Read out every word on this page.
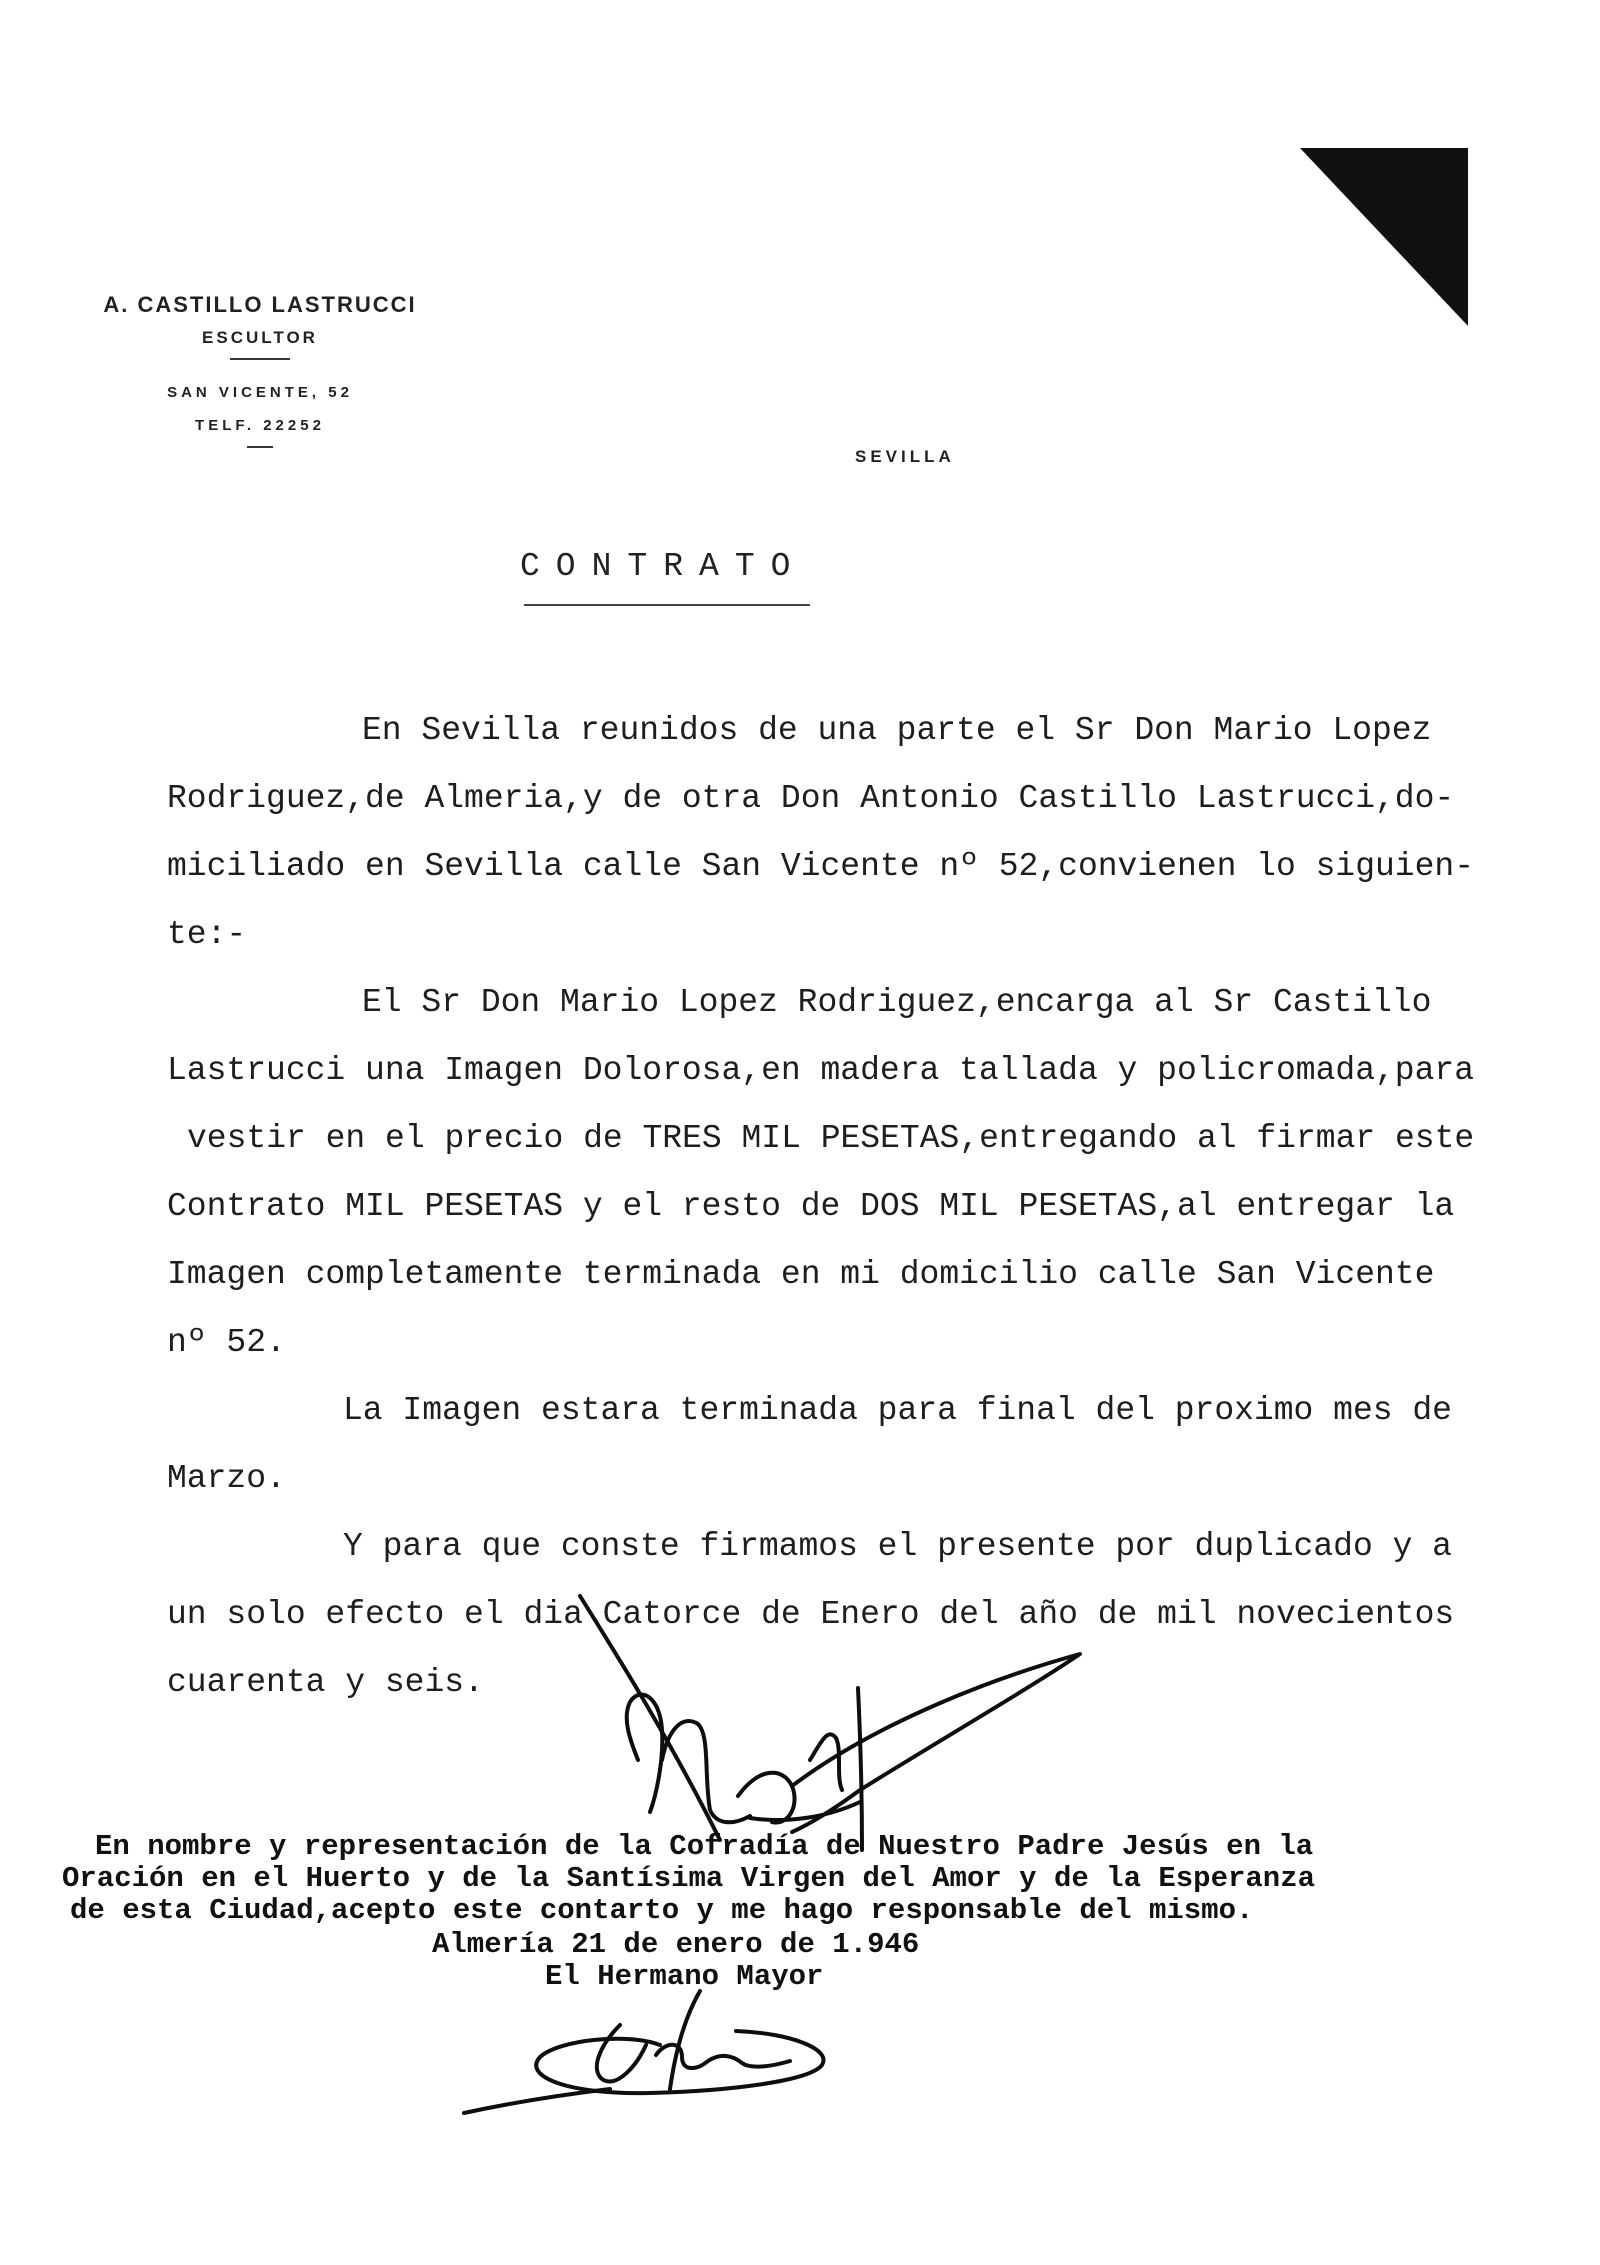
A. CASTILLO LASTRUCCI
ESCULTOR
SAN VICENTE, 52
TELF. 22252
SEVILLA
CONTRATO
En Sevilla reunidos de una parte el Sr Don Mario Lopez
Rodriguez,de Almeria,y de otra Don Antonio Castillo Lastrucci,do-
miciliado en Sevilla calle San Vicente nº 52,convienen lo siguien-
te:-
El Sr Don Mario Lopez Rodriguez,encarga al Sr Castillo
Lastrucci una Imagen Dolorosa,en madera tallada y policromada,para
vestir en el precio de TRES MIL PESETAS,entregando al firmar este
Contrato MIL PESETAS y el resto de DOS MIL PESETAS,al entregar la
Imagen completamente terminada en mi domicilio calle San Vicente
nº 52.
La Imagen estara terminada para final del proximo mes de
Marzo.
Y para que conste firmamos el presente por duplicado y a
un solo efecto el dia Catorce de Enero del año de mil novecientos
cuarenta y seis.
En nombre y representación de la Cofradía de Nuestro Padre Jesús en la
Oración en el Huerto y de la Santísima Virgen del Amor y de la Esperanza
de esta Ciudad,acepto este contarto y me hago responsable del mismo.
Almería 21 de enero de 1.946
El Hermano Mayor
